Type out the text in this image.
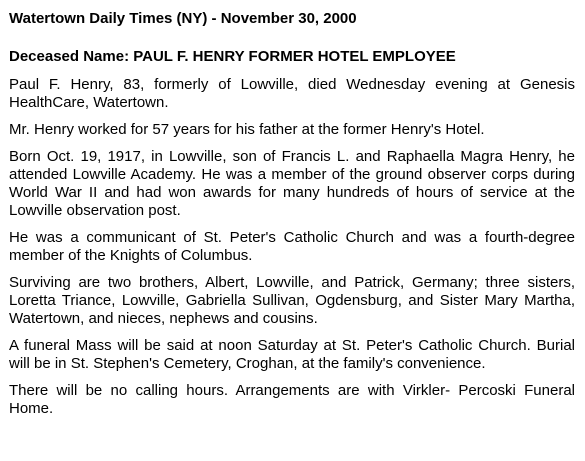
Watertown Daily Times (NY) - November 30, 2000

Deceased Name: PAUL F. HENRY FORMER HOTEL EMPLOYEE

Paul F. Henry, 83, formerly of Lowville, died Wednesday evening at Genesis HealthCare, Watertown.

Mr. Henry worked for 57 years for his father at the former Henry's Hotel.

Born Oct. 19, 1917, in Lowville, son of Francis L. and Raphaella Magra Henry, he attended Lowville Academy. He was a member of the ground observer corps during World War II and had won awards for many hundreds of hours of service at the Lowville observation post.

He was a communicant of St. Peter's Catholic Church and was a fourth-degree member of the Knights of Columbus.

Surviving are two brothers, Albert, Lowville, and Patrick, Germany; three sisters, Loretta Triance, Lowville, Gabriella Sullivan, Ogdensburg, and Sister Mary Martha, Watertown, and nieces, nephews and cousins.

A funeral Mass will be said at noon Saturday at St. Peter's Catholic Church. Burial will be in St. Stephen's Cemetery, Croghan, at the family's convenience.

There will be no calling hours. Arrangements are with Virkler- Percoski Funeral Home.
